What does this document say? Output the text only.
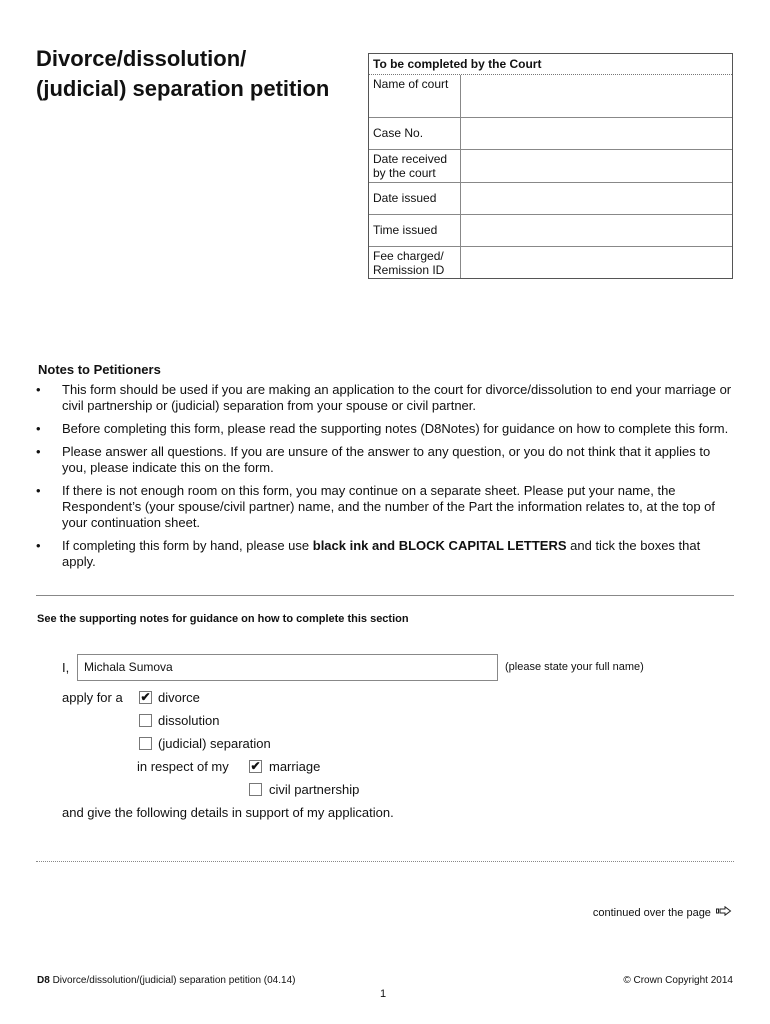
Divorce/dissolution/
(judicial) separation petition
To be completed by the Court
Name of court
Case No.
Date received by the court
Date issued
Time issued
Fee charged/ Remission ID
Notes to Petitioners
• This form should be used if you are making an application to the court for divorce/dissolution to end your marriage or civil partnership or (judicial) separation from your spouse or civil partner.
• Before completing this form, please read the supporting notes (D8Notes) for guidance on how to complete this form.
• Please answer all questions. If you are unsure of the answer to any question, or you do not think that it applies to you, please indicate this on the form.
• If there is not enough room on this form, you may continue on a separate sheet. Please put your name, the Respondent’s (your spouse/civil partner) name, and the number of the Part the information relates to, at the top of your continuation sheet.
• If completing this form by hand, please use black ink and BLOCK CAPITAL LETTERS and tick the boxes that apply.
See the supporting notes for guidance on how to complete this section
I,	Michala Sumova	(please state your full name)
apply for a ✔ divorce
dissolution
(judicial) separation
in respect of my ✔ marriage
civil partnership
and give the following details in support of my application.
continued over the page
D8 Divorce/dissolution/(judicial) separation petition (04.14)	© Crown Copyright 2014
1
